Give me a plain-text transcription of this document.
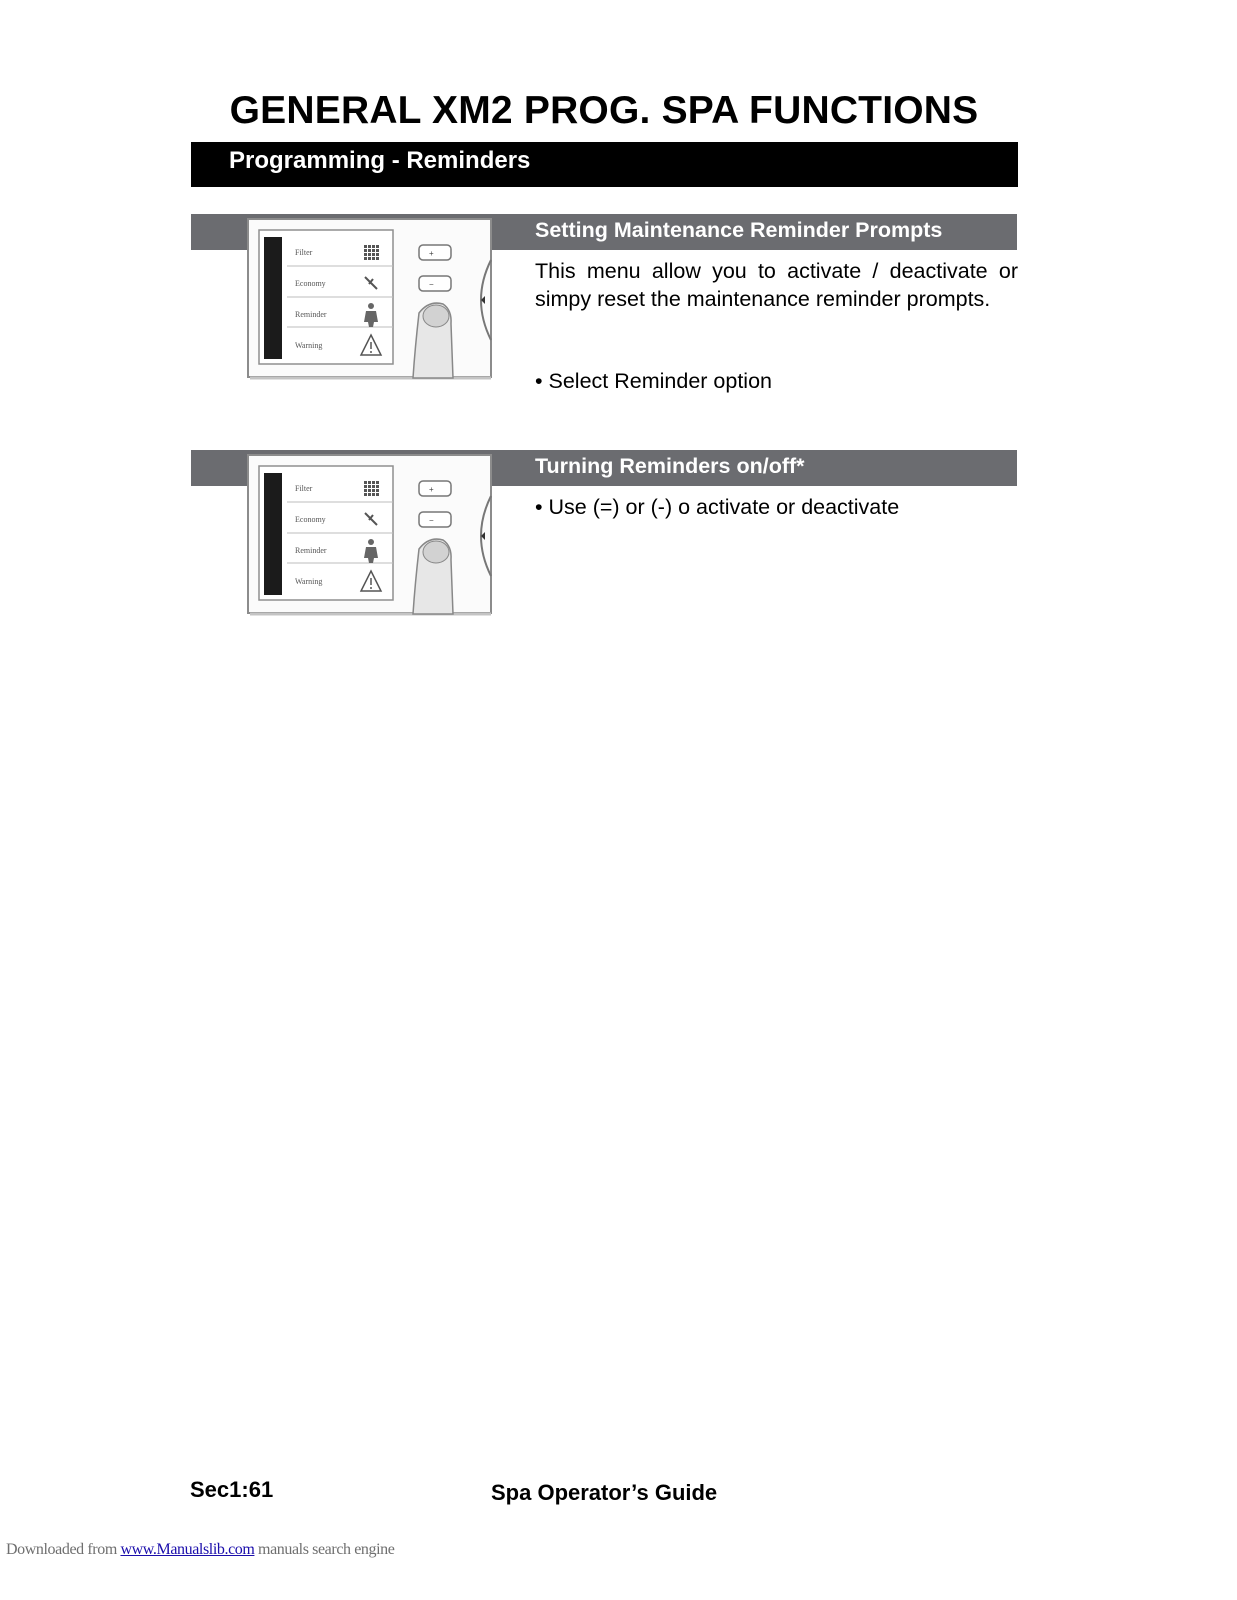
GENERAL XM2 PROG. SPA FUNCTIONS
Programming - Reminders
Filter
Economy
Reminder
Warning
+
−
Setting Maintenance Reminder Prompts

This menu allow you to activate / deactivate or simpy reset the maintenance reminder prompts.

• Select Reminder option

Filter
Economy
Reminder
Warning
+
−
Turning Reminders on/off*

• Use (=) or (-) o activate or deactivate

Sec1:61	Spa Operator’s Guide
Downloaded from www.Manualslib.com manuals search engine
